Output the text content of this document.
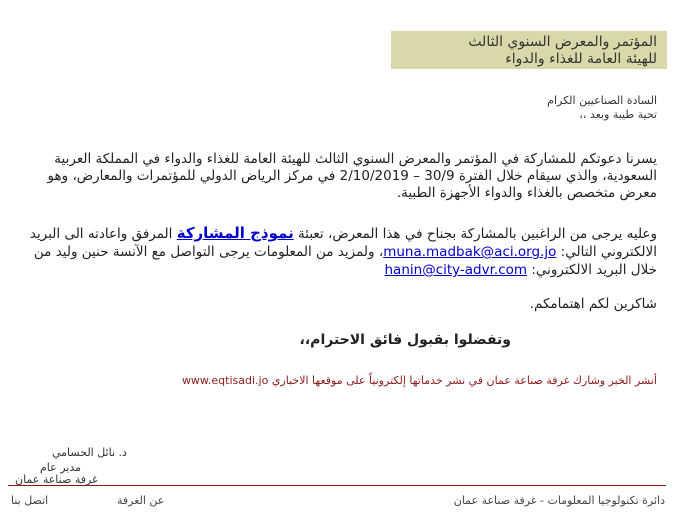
المؤتمر والمعرض السنوي الثالث
للهيئة العامة للغذاء والدواء
السادة الصناعيين الكرام
تحية طيبة وبعد ،،
يسرنا دعوتكم للمشاركة في المؤتمر والمعرض السنوي الثالث للهيئة العامة للغذاء والدواء في المملكة العربية السعودية، والذي سيقام خلال الفترة 30/9 – 2/10/2019 في مركز الرياض الدولي للمؤتمرات والمعارض، وهو معرض متخصص بالغذاء والدواء الأجهزة الطبية.
وعليه يرجى من الراغبين بالمشاركة بجناح في هذا المعرض، تعبئة نموذج المشاركة المرفق واعادته الى البريد الالكتروني التالي: muna.madbak@aci.org.jo، ولمزيد من المعلومات يرجى التواصل مع الآنسة حنين وليد من خلال البريد الالكتروني: hanin@city-advr.com
شاكرين لكم اهتمامكم.
وتفضلوا بقبول فائق الاحترام،،
أنشر الخبر وشارك غرفة صناعة عمان في نشر خدماتها إلكترونياً على موقعها الاخباري www.eqtisadi.jo
د. نائل الحسامي
مدير عام
غرفة صناعة عمان
اتصل بنا	عن الغرفة	دائرة تكنولوجيا المعلومات - غرفة صناعة عمان
